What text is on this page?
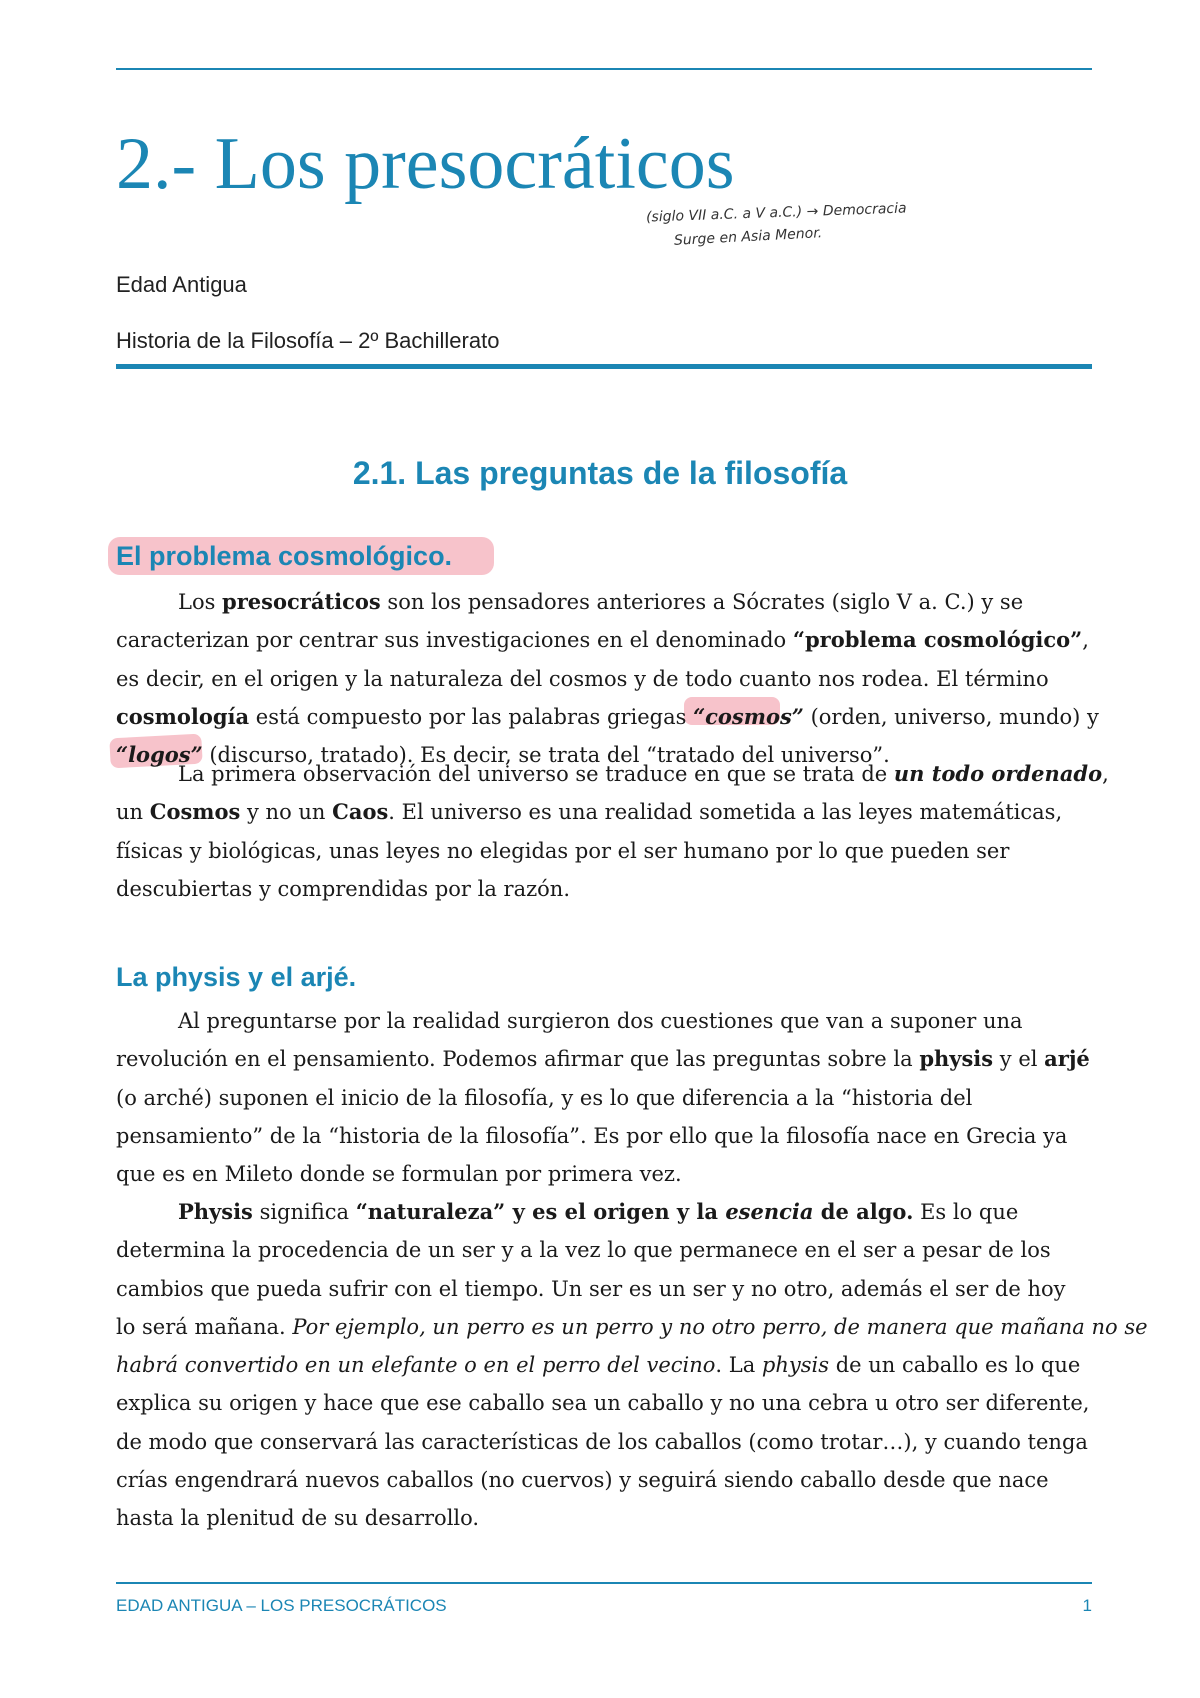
2.- Los presocráticos

(siglo VII a.C. a V a.C.) → Democracia

Surge en Asia Menor.

Edad Antigua

Historia de la Filosofía – 2º Bachillerato

2.1. Las preguntas de la filosofía
El problema cosmológico.
Los presocráticos son los pensadores anteriores a Sócrates (siglo V a. C.) y se
caracterizan por centrar sus investigaciones en el denominado “problema cosmológico”,
es decir, en el origen y la naturaleza del cosmos y de todo cuanto nos rodea. El término
cosmología está compuesto por las palabras griegas “cosmos” (orden, universo, mundo) y
“logos” (discurso, tratado). Es decir, se trata del “tratado del universo”.
La primera observación del universo se traduce en que se trata de un todo ordenado,
un Cosmos y no un Caos. El universo es una realidad sometida a las leyes matemáticas,
físicas y biológicas, unas leyes no elegidas por el ser humano por lo que pueden ser
descubiertas y comprendidas por la razón.
La physis y el arjé.
Al preguntarse por la realidad surgieron dos cuestiones que van a suponer una
revolución en el pensamiento. Podemos afirmar que las preguntas sobre la physis y el arjé
(o arché) suponen el inicio de la filosofía, y es lo que diferencia a la “historia del
pensamiento” de la “historia de la filosofía”. Es por ello que la filosofía nace en Grecia ya
que es en Mileto donde se formulan por primera vez.
Physis significa “naturaleza” y es el origen y la esencia de algo. Es lo que
determina la procedencia de un ser y a la vez lo que permanece en el ser a pesar de los
cambios que pueda sufrir con el tiempo. Un ser es un ser y no otro, además el ser de hoy
lo será mañana. Por ejemplo, un perro es un perro y no otro perro, de manera que mañana no se
habrá convertido en un elefante o en el perro del vecino. La physis de un caballo es lo que
explica su origen y hace que ese caballo sea un caballo y no una cebra u otro ser diferente,
de modo que conservará las características de los caballos (como trotar…), y cuando tenga
crías engendrará nuevos caballos (no cuervos) y seguirá siendo caballo desde que nace
hasta la plenitud de su desarrollo.

EDAD ANTIGUA – LOS PRESOCRÁTICOS	1
